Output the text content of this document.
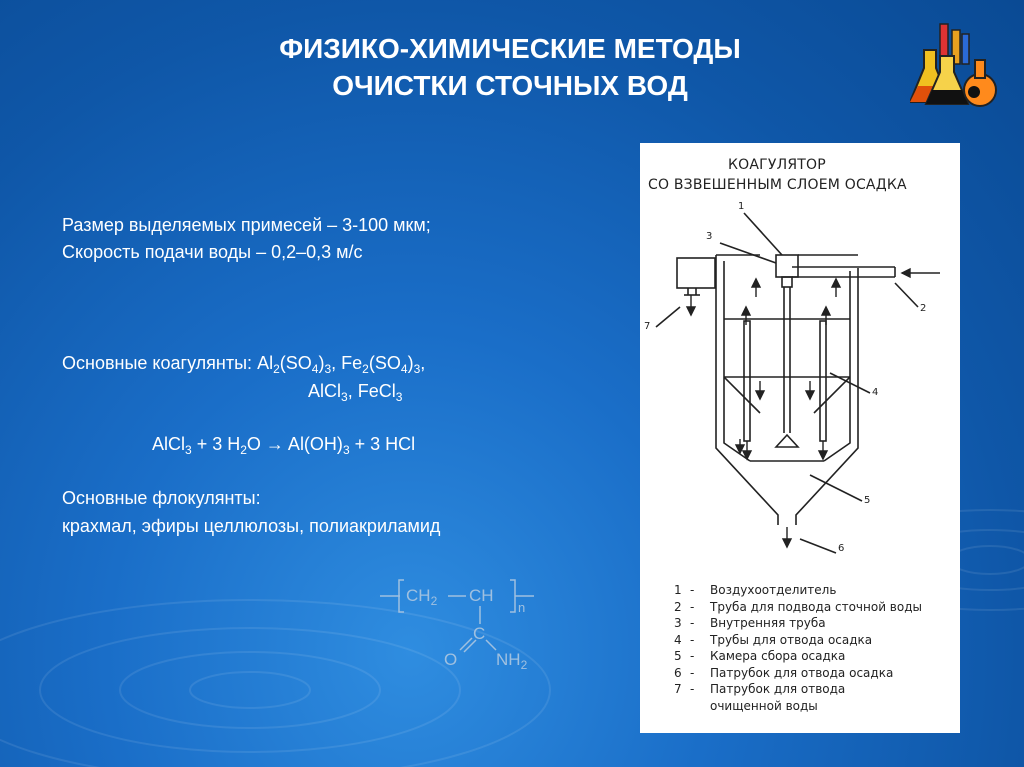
ФИЗИКО-ХИМИЧЕСКИЕ МЕТОДЫ
ОЧИСТКИ СТОЧНЫХ ВОД
Размер выделяемых примесей – 3-100 мкм;
Скорость подачи воды – 0,2–0,3 м/с
Основные коагулянты: $Al_2(SO_4)_3$, $Fe_2(SO_4)_3$,
AlCl$_3$, FeCl$_3$
AlCl$_3$ + 3 $H_2O \to Al(OH)_3 + 3$ HCl
Основные флокулянты:
крахмал, эфиры целлюлозы, полиакриламид
$CH_2$ CH
n
C
O $NH_2$
КОАГУЛЯТОР
СО ВЗВЕШЕННЫМ СЛОЕМ ОСАДКА
1
2
3
4
5
6
7
1 - Воздухоотделитель
2 - Труба для подвода сточной воды
3 - Внутренняя труба
4 - Трубы для отвода осадка
5 - Камера сбора осадка
6 - Патрубок для отвода осадка
7 - Патрубок для отвода
очищенной воды
